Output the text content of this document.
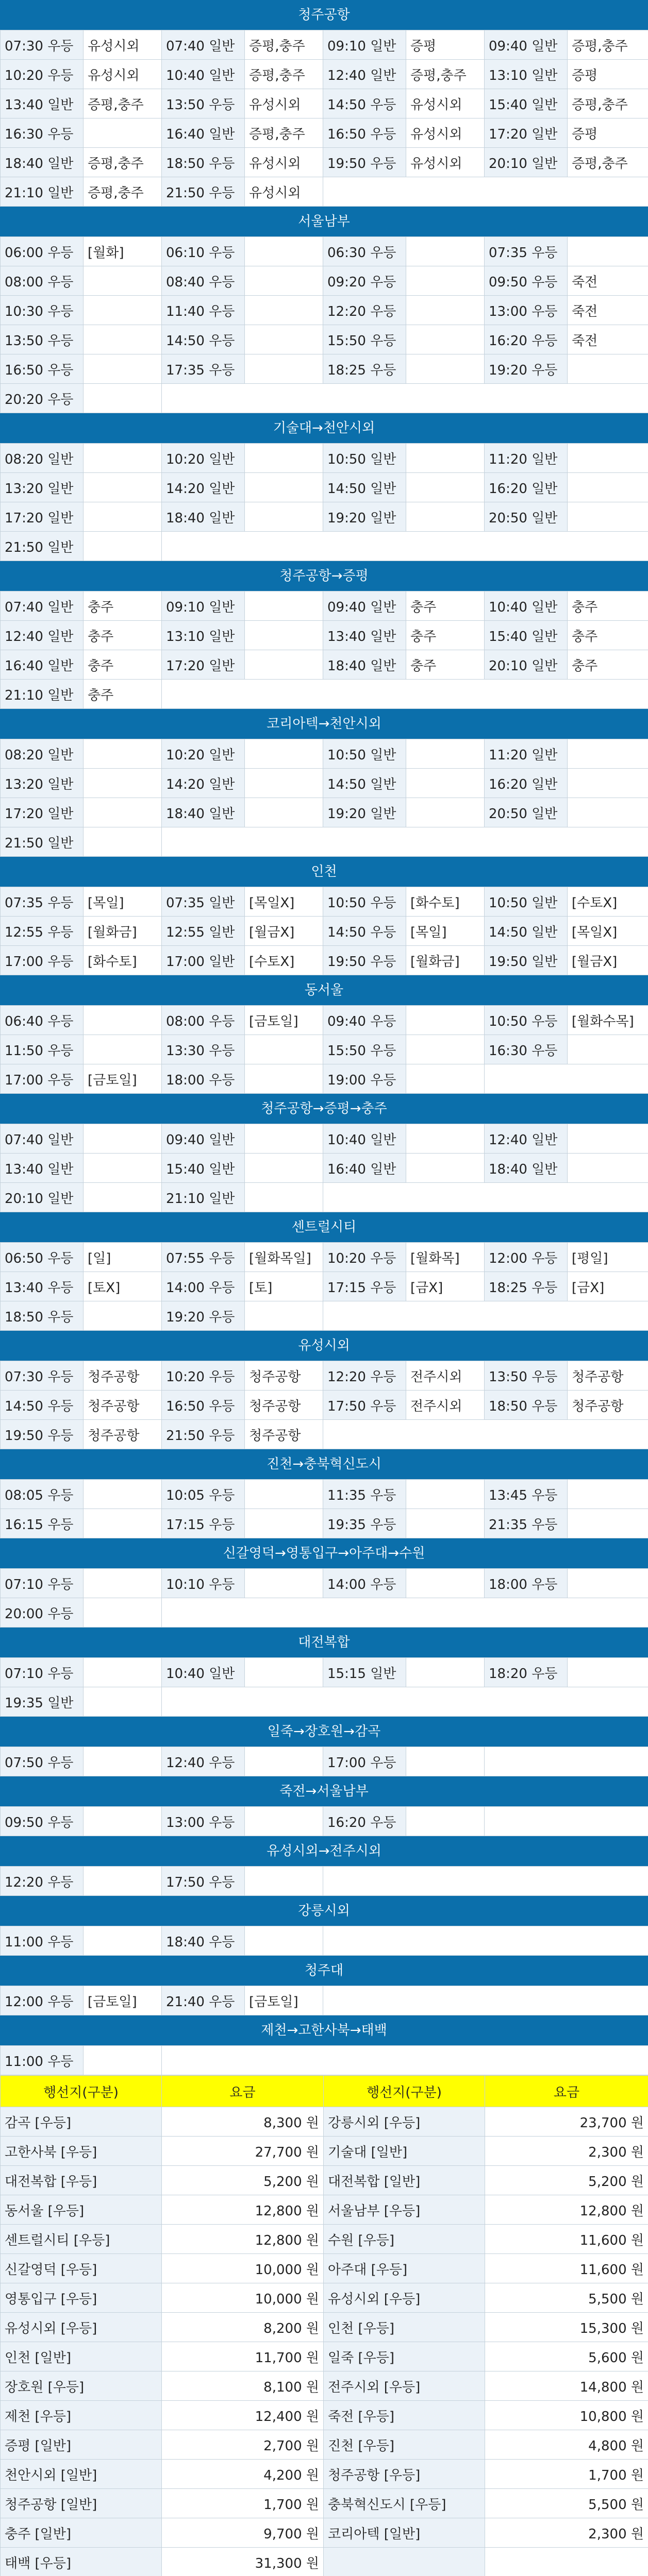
청주공항
07:30 우등	유성시외	07:40 일반	증평,충주	09:10 일반	증평	09:40 일반	증평,충주
10:20 우등	유성시외	10:40 일반	증평,충주	12:40 일반	증평,충주	13:10 일반	증평
13:40 일반	증평,충주	13:50 우등	유성시외	14:50 우등	유성시외	15:40 일반	증평,충주
16:30 우등		16:40 일반	증평,충주	16:50 우등	유성시외	17:20 일반	증평
18:40 일반	증평,충주	18:50 우등	유성시외	19:50 우등	유성시외	20:10 일반	증평,충주
21:10 일반	증평,충주	21:50 우등	유성시외				
서울남부
06:00 우등	[월화]	06:10 우등		06:30 우등		07:35 우등	
08:00 우등		08:40 우등		09:20 우등		09:50 우등	죽전
10:30 우등		11:40 우등		12:20 우등		13:00 우등	죽전
13:50 우등		14:50 우등		15:50 우등		16:20 우등	죽전
16:50 우등		17:35 우등		18:25 우등		19:20 우등	
20:20 우등							
기술대→천안시외
08:20 일반		10:20 일반		10:50 일반		11:20 일반	
13:20 일반		14:20 일반		14:50 일반		16:20 일반	
17:20 일반		18:40 일반		19:20 일반		20:50 일반	
21:50 일반							
청주공항→증평
07:40 일반	충주	09:10 일반		09:40 일반	충주	10:40 일반	충주
12:40 일반	충주	13:10 일반		13:40 일반	충주	15:40 일반	충주
16:40 일반	충주	17:20 일반		18:40 일반	충주	20:10 일반	충주
21:10 일반	충주						
코리아텍→천안시외
08:20 일반		10:20 일반		10:50 일반		11:20 일반	
13:20 일반		14:20 일반		14:50 일반		16:20 일반	
17:20 일반		18:40 일반		19:20 일반		20:50 일반	
21:50 일반							
인천
07:35 우등	[목일]	07:35 일반	[목일X]	10:50 우등	[화수토]	10:50 일반	[수토X]
12:55 우등	[월화금]	12:55 일반	[월금X]	14:50 우등	[목일]	14:50 일반	[목일X]
17:00 우등	[화수토]	17:00 일반	[수토X]	19:50 우등	[월화금]	19:50 일반	[월금X]
동서울
06:40 우등		08:00 우등	[금토일]	09:40 우등		10:50 우등	[월화수목]
11:50 우등		13:30 우등		15:50 우등		16:30 우등	
17:00 우등	[금토일]	18:00 우등		19:00 우등			
청주공항→증평→충주
07:40 일반		09:40 일반		10:40 일반		12:40 일반	
13:40 일반		15:40 일반		16:40 일반		18:40 일반	
20:10 일반		21:10 일반					
센트럴시티
06:50 우등	[일]	07:55 우등	[월화목일]	10:20 우등	[월화목]	12:00 우등	[평일]
13:40 우등	[토X]	14:00 우등	[토]	17:15 우등	[금X]	18:25 우등	[금X]
18:50 우등		19:20 우등					
유성시외
07:30 우등	청주공항	10:20 우등	청주공항	12:20 우등	전주시외	13:50 우등	청주공항
14:50 우등	청주공항	16:50 우등	청주공항	17:50 우등	전주시외	18:50 우등	청주공항
19:50 우등	청주공항	21:50 우등	청주공항				
진천→충북혁신도시
08:05 우등		10:05 우등		11:35 우등		13:45 우등	
16:15 우등		17:15 우등		19:35 우등		21:35 우등	
신갈영덕→영통입구→아주대→수원
07:10 우등		10:10 우등		14:00 우등		18:00 우등	
20:00 우등							
대전복합
07:10 우등		10:40 일반		15:15 일반		18:20 우등	
19:35 일반							
일죽→장호원→감곡
07:50 우등		12:40 우등		17:00 우등		
죽전→서울남부
09:50 우등		13:00 우등		16:20 우등		
유성시외→전주시외
12:20 우등		17:50 우등		
강릉시외
11:00 우등		18:40 우등		
청주대
12:00 우등	[금토일]	21:40 우등	[금토일]	
제천→고한사북→태백
11:00 우등		
행선지(구분)	요금	행선지(구분)	요금
감곡 [우등]	8,300 원	강릉시외 [우등]	23,700 원
고한사북 [우등]	27,700 원	기술대 [일반]	2,300 원
대전복합 [우등]	5,200 원	대전복합 [일반]	5,200 원
동서울 [우등]	12,800 원	서울남부 [우등]	12,800 원
센트럴시티 [우등]	12,800 원	수원 [우등]	11,600 원
신갈영덕 [우등]	10,000 원	아주대 [우등]	11,600 원
영통입구 [우등]	10,000 원	유성시외 [우등]	5,500 원
유성시외 [우등]	8,200 원	인천 [우등]	15,300 원
인천 [일반]	11,700 원	일죽 [우등]	5,600 원
장호원 [우등]	8,100 원	전주시외 [우등]	14,800 원
제천 [우등]	12,400 원	죽전 [우등]	10,800 원
증평 [일반]	2,700 원	진천 [우등]	4,800 원
천안시외 [일반]	4,200 원	청주공항 [우등]	1,700 원
청주공항 [일반]	1,700 원	충북혁신도시 [우등]	5,500 원
충주 [일반]	9,700 원	코리아텍 [일반]	2,300 원
태백 [우등]	31,300 원		
